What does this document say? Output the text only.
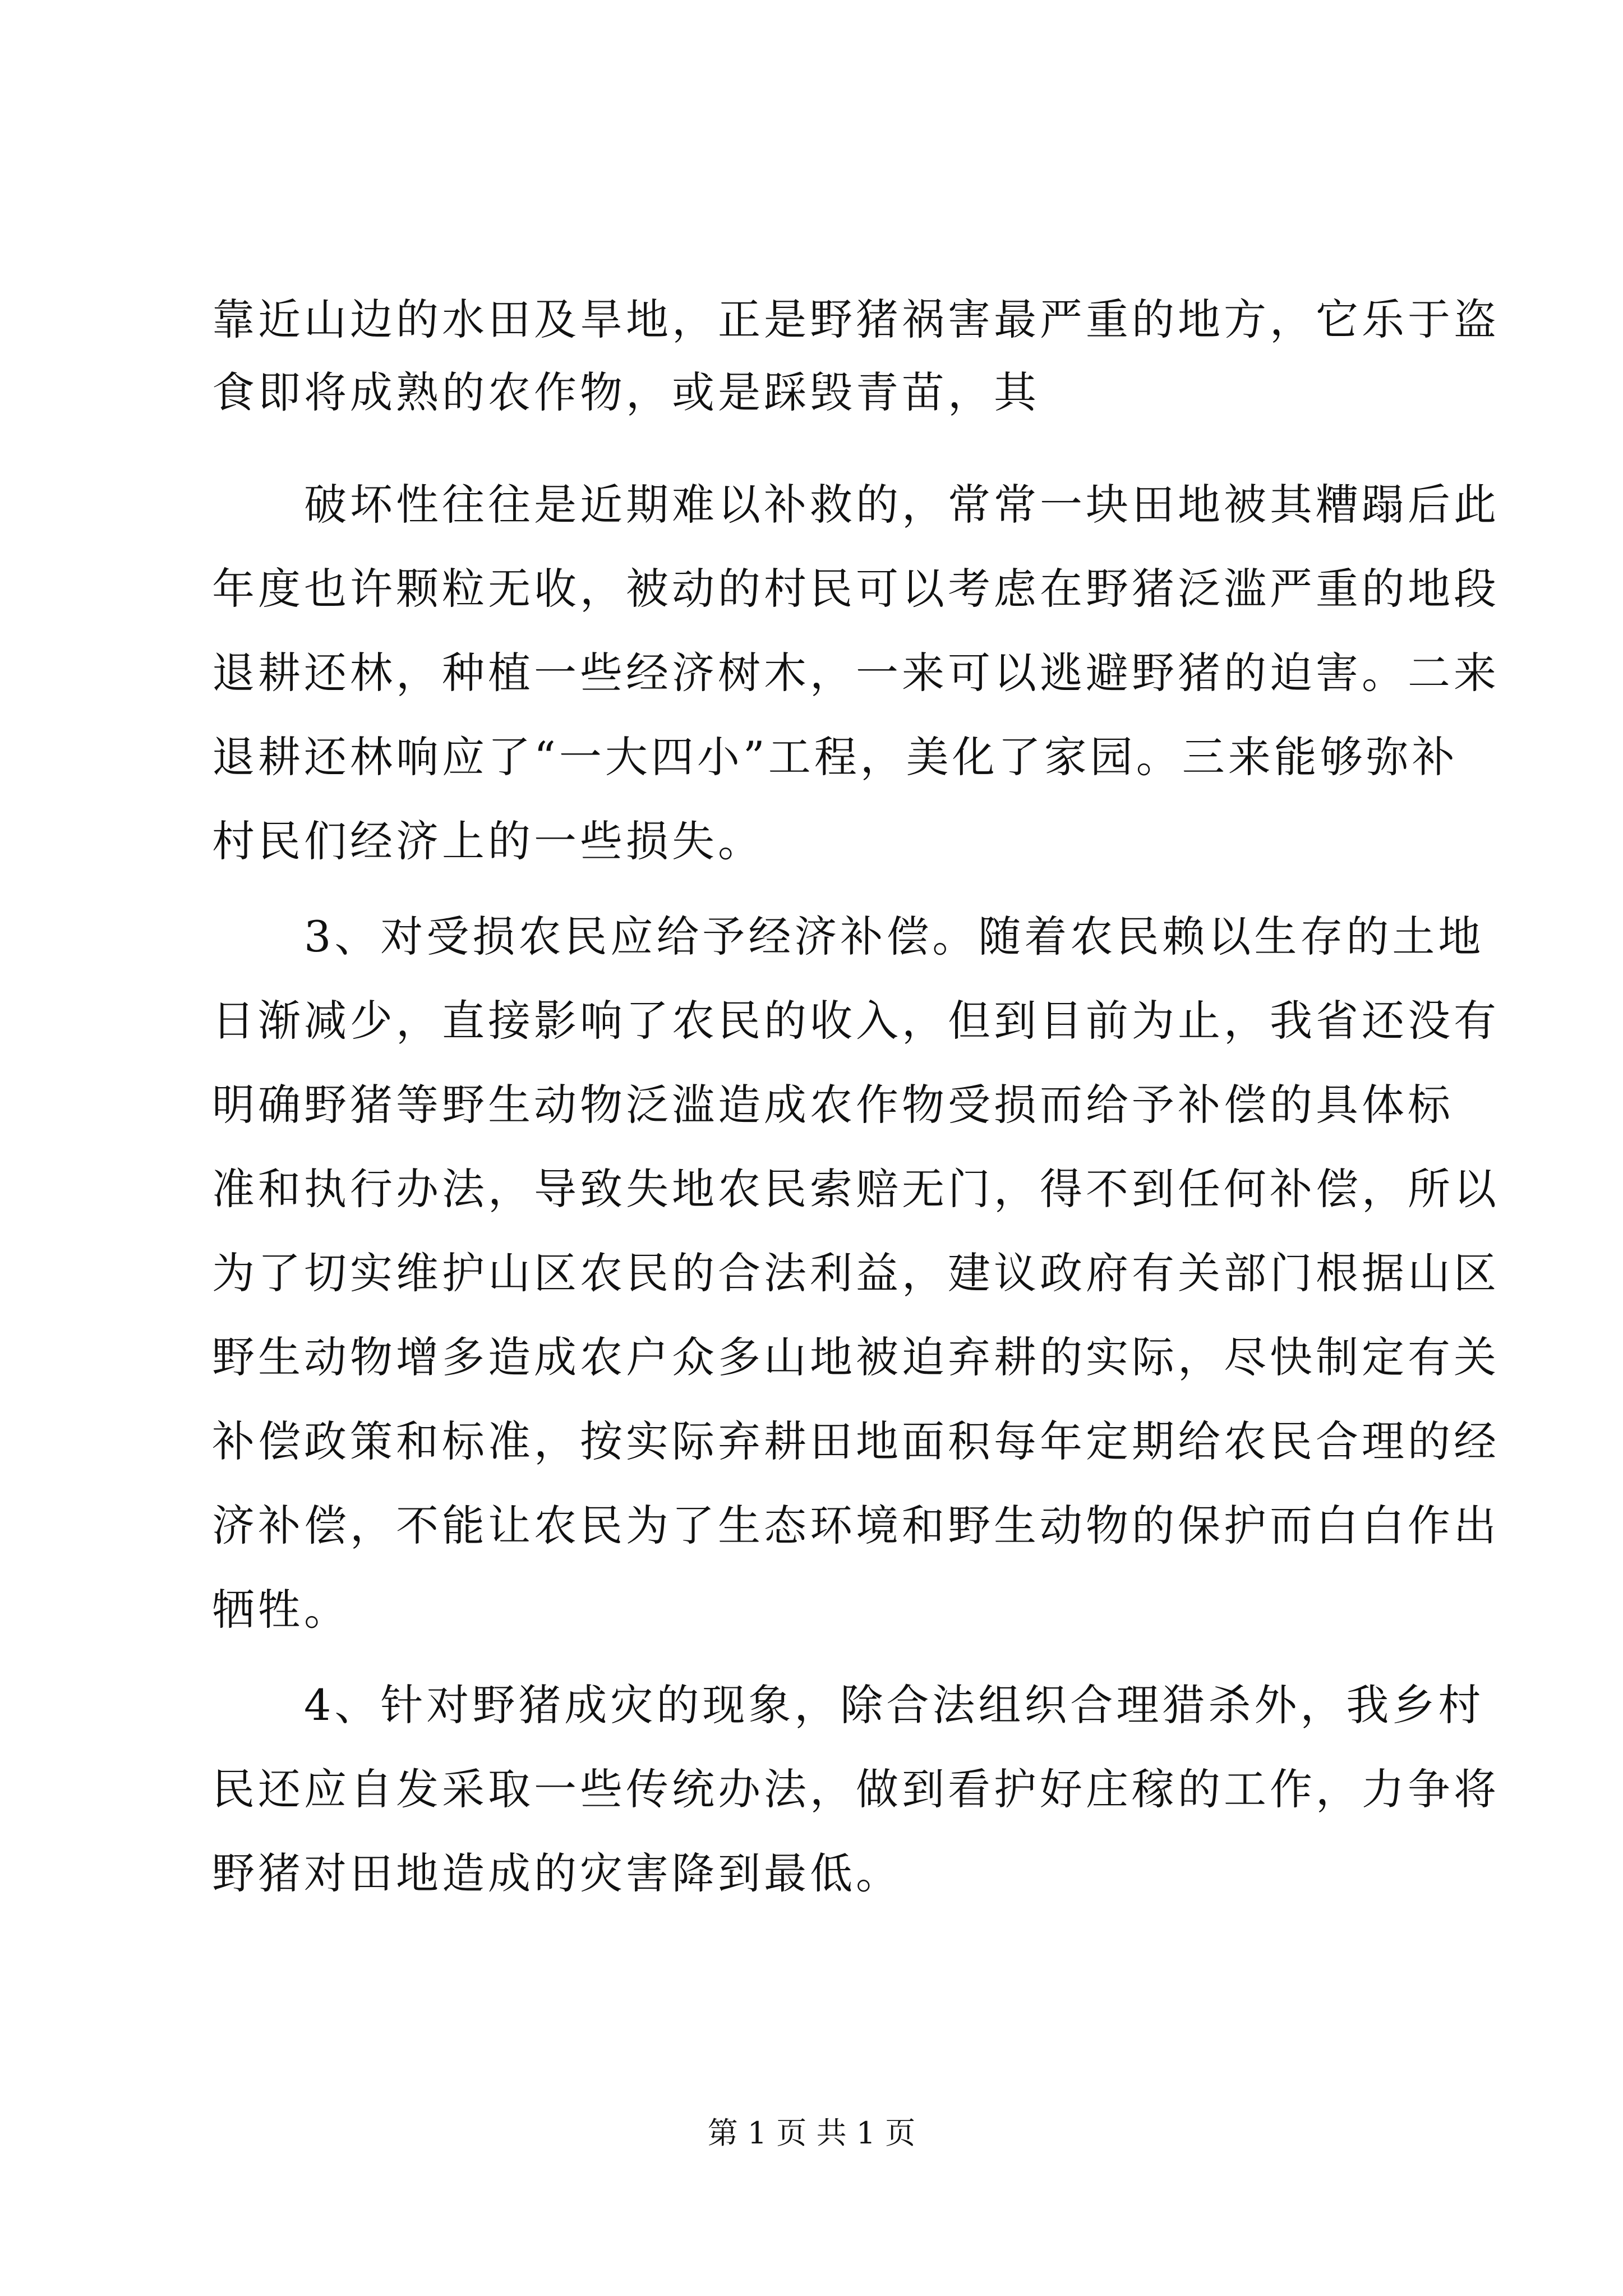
靠近山边的水田及旱地，正是野猪祸害最严重的地方，它乐于盗
食即将成熟的农作物，或是踩毁青苗，其
　　破坏性往往是近期难以补救的，常常一块田地被其糟蹋后此
年度也许颗粒无收，被动的村民可以考虑在野猪泛滥严重的地段
退耕还林，种植一些经济树木，一来可以逃避野猪的迫害。二来
退耕还林响应了“一大四小”工程，美化了家园。三来能够弥补
村民们经济上的一些损失。
　　3、对受损农民应给予经济补偿。随着农民赖以生存的土地
日渐减少，直接影响了农民的收入，但到目前为止，我省还没有
明确野猪等野生动物泛滥造成农作物受损而给予补偿的具体标
准和执行办法，导致失地农民索赔无门，得不到任何补偿，所以
为了切实维护山区农民的合法利益，建议政府有关部门根据山区
野生动物增多造成农户众多山地被迫弃耕的实际，尽快制定有关
补偿政策和标准，按实际弃耕田地面积每年定期给农民合理的经
济补偿，不能让农民为了生态环境和野生动物的保护而白白作出
牺牲。
　　4、针对野猪成灾的现象，除合法组织合理猎杀外，我乡村
民还应自发采取一些传统办法，做到看护好庄稼的工作，力争将
野猪对田地造成的灾害降到最低。
第 1 页 共 1 页
